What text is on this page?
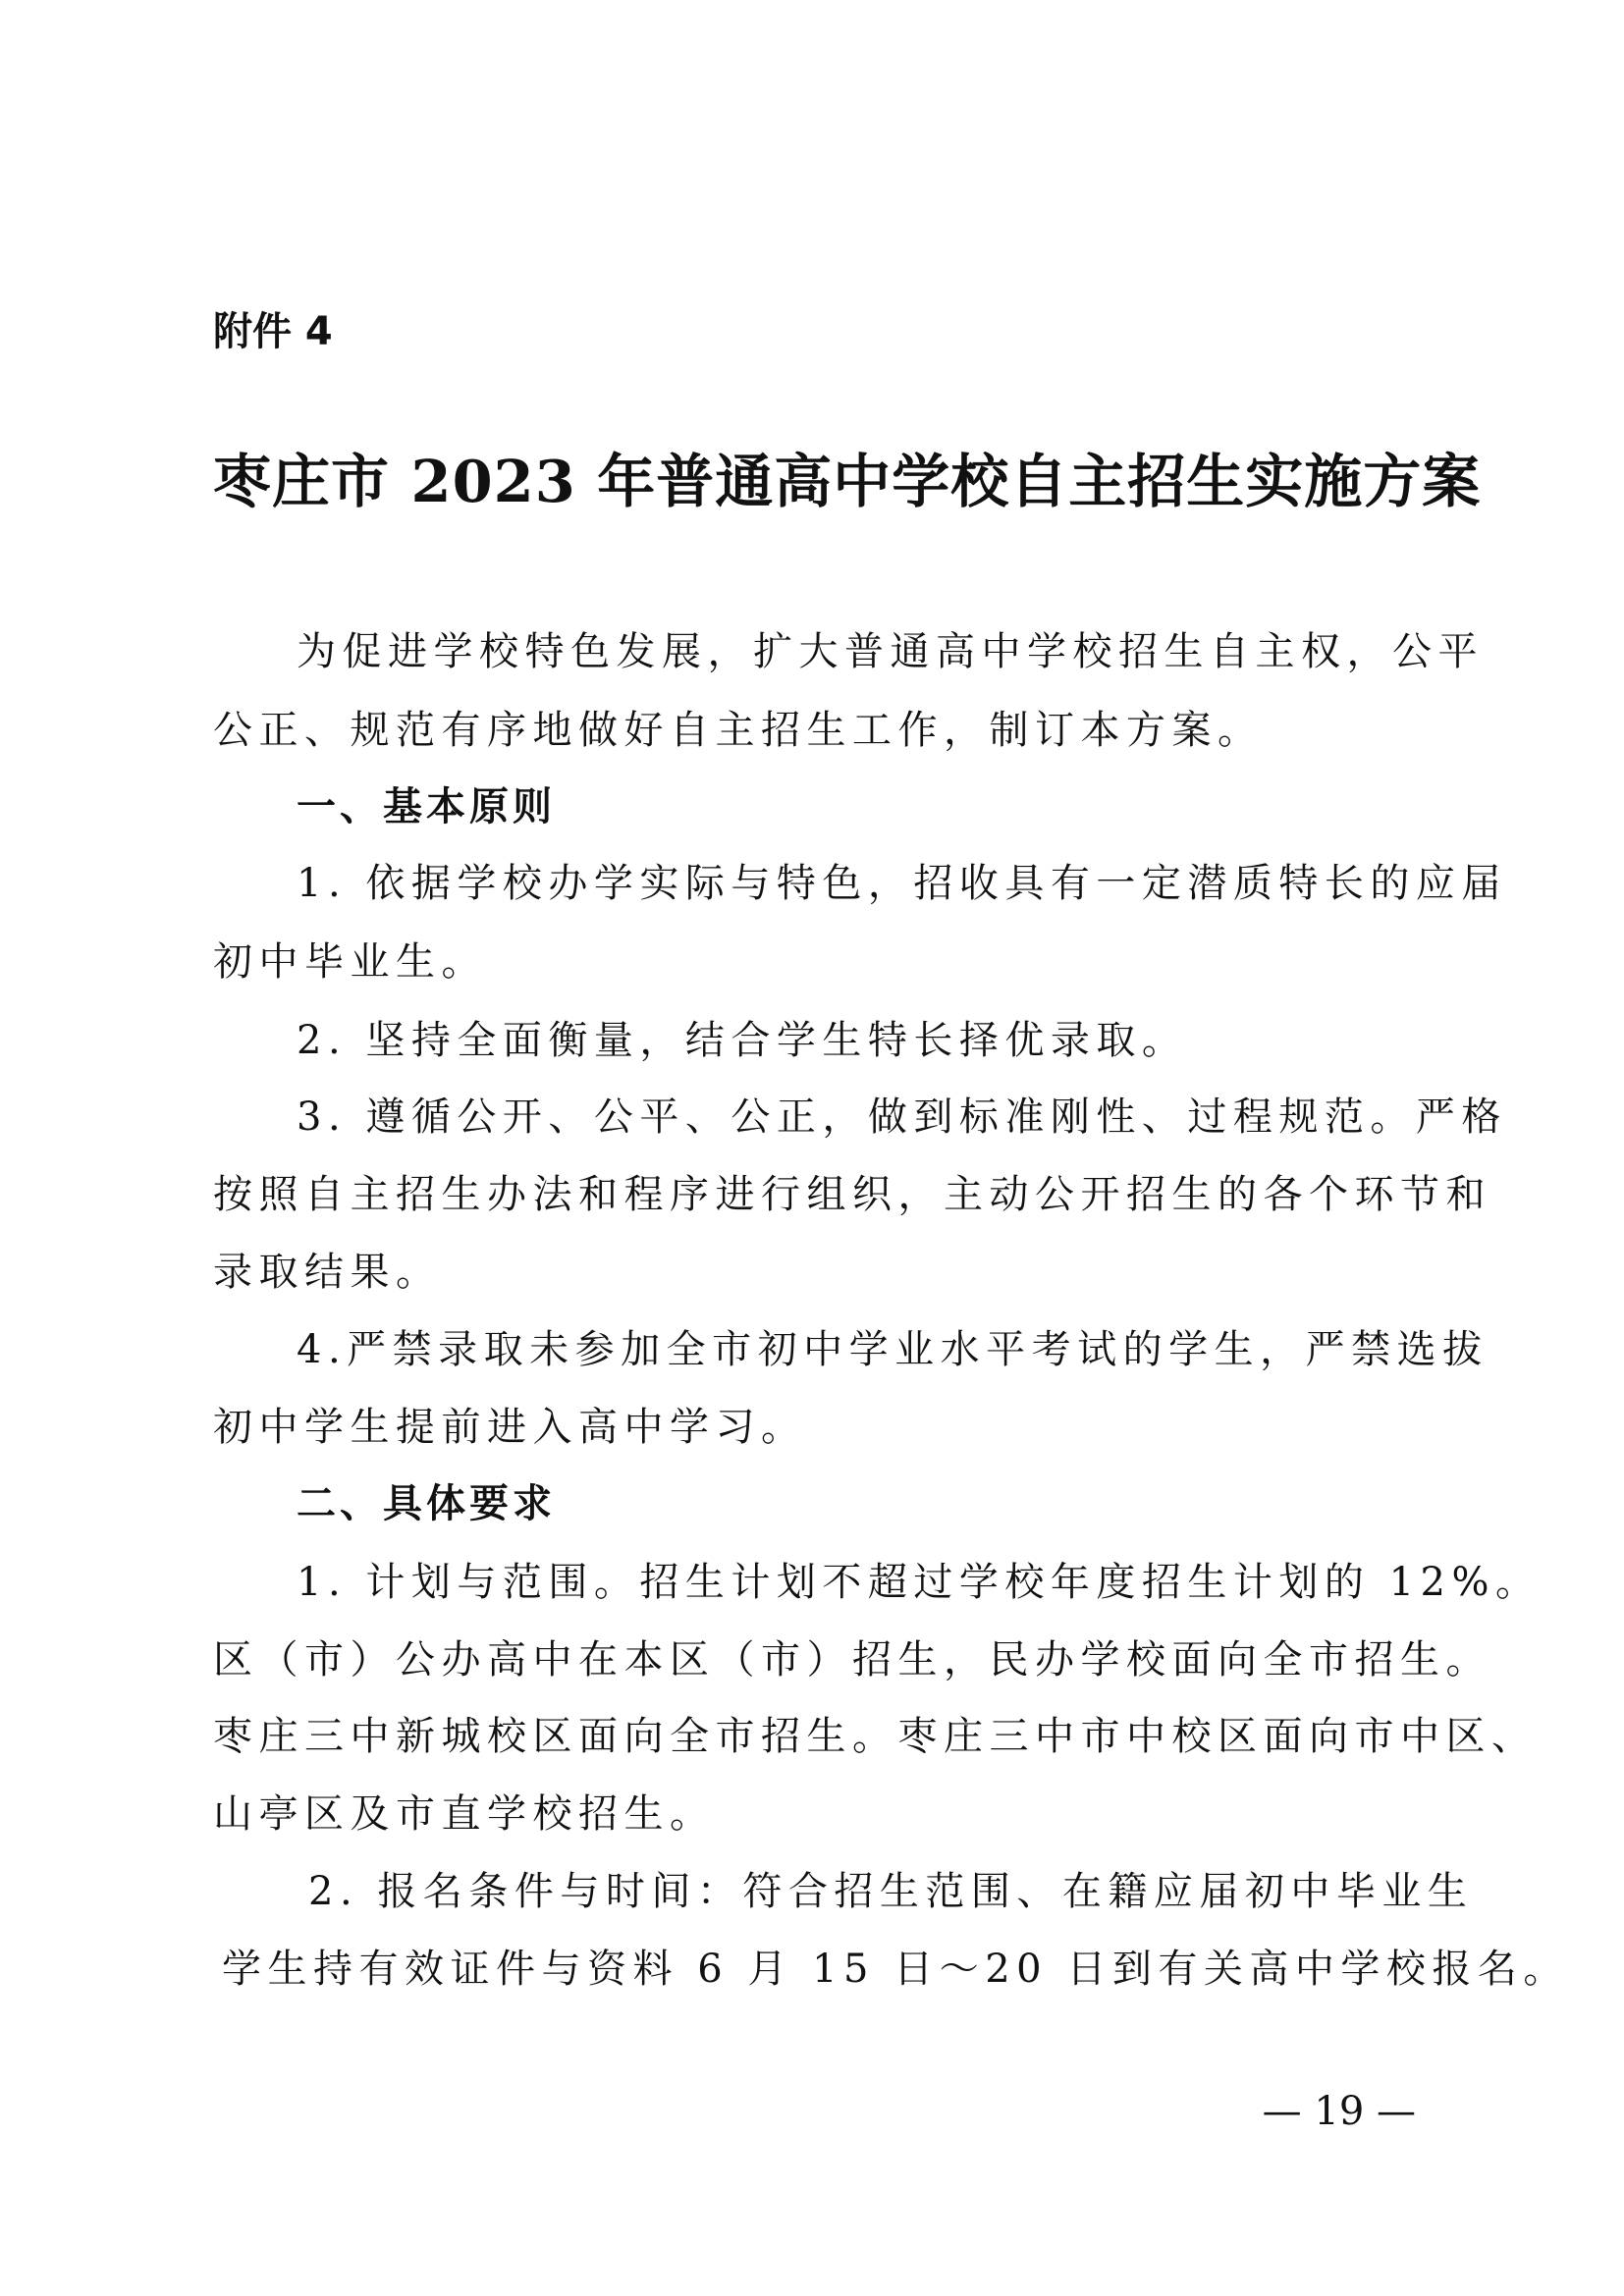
附件 4
枣庄市 2023 年普通高中学校自主招生实施方案
为促进学校特色发展，扩大普通高中学校招生自主权，公平
公正、规范有序地做好自主招生工作，制订本方案。
一、基本原则
1. 依据学校办学实际与特色，招收具有一定潜质特长的应届
初中毕业生。
2. 坚持全面衡量，结合学生特长择优录取。
3. 遵循公开、公平、公正，做到标准刚性、过程规范。严格
按照自主招生办法和程序进行组织，主动公开招生的各个环节和
录取结果。
4.严禁录取未参加全市初中学业水平考试的学生，严禁选拔
初中学生提前进入高中学习。
二、具体要求
1. 计划与范围。招生计划不超过学校年度招生计划的 12%。
区（市）公办高中在本区（市）招生，民办学校面向全市招生。
枣庄三中新城校区面向全市招生。枣庄三中市中校区面向市中区、
山亭区及市直学校招生。
2. 报名条件与时间：符合招生范围、在籍应届初中毕业生
学生持有效证件与资料 6 月 15 日～20 日到有关高中学校报名。
— 19 —
